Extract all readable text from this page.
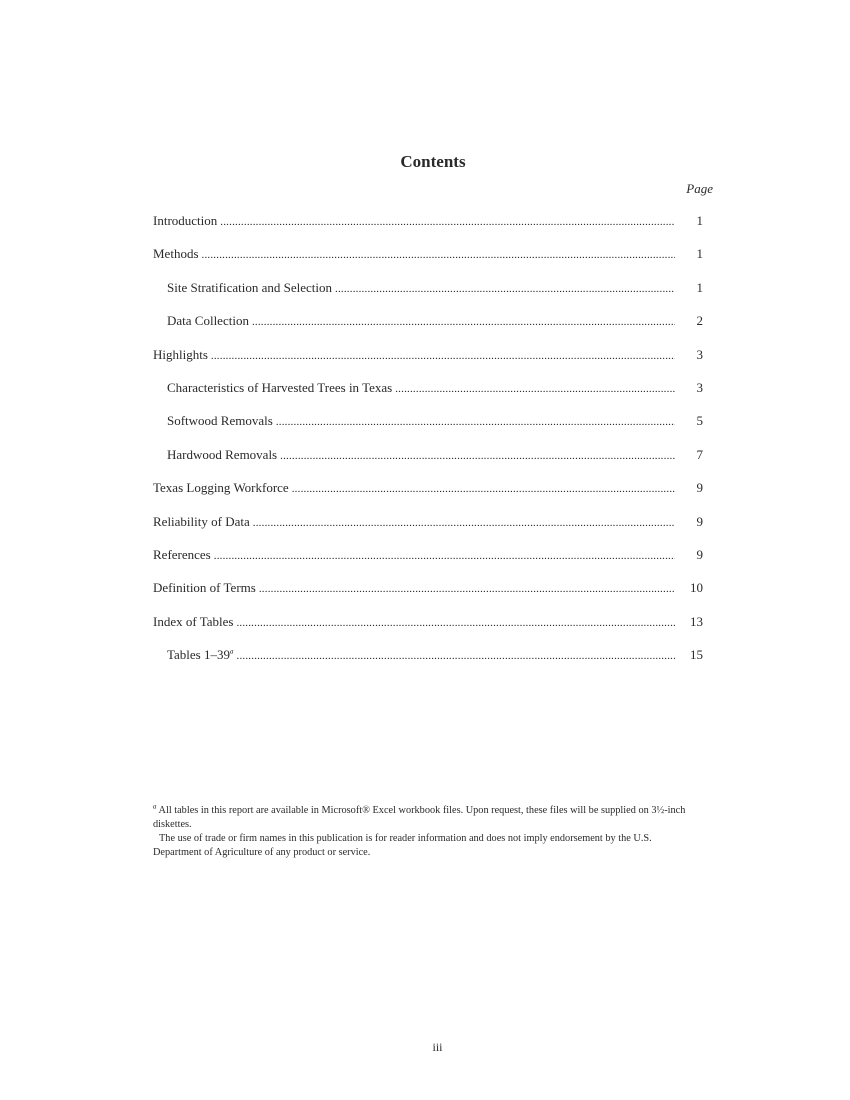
Contents
Page
Introduction .....	1
Methods .....	1
Site Stratification and Selection .....	1
Data Collection .....	2
Highlights .....	3
Characteristics of Harvested Trees in Texas .....	3
Softwood Removals .....	5
Hardwood Removals .....	7
Texas Logging Workforce .....	9
Reliability of Data .....	9
References .....	9
Definition of Terms .....	10
Index of Tables .....	13
Tables 1–39$^a$ .....	15

$^a$ All tables in this report are available in Microsoft® Excel workbook files. Upon request, these files will be supplied on 3½-inch diskettes.

The use of trade or firm names in this publication is for reader information and does not imply endorsement by the U.S. Department of Agriculture of any product or service.

iii
